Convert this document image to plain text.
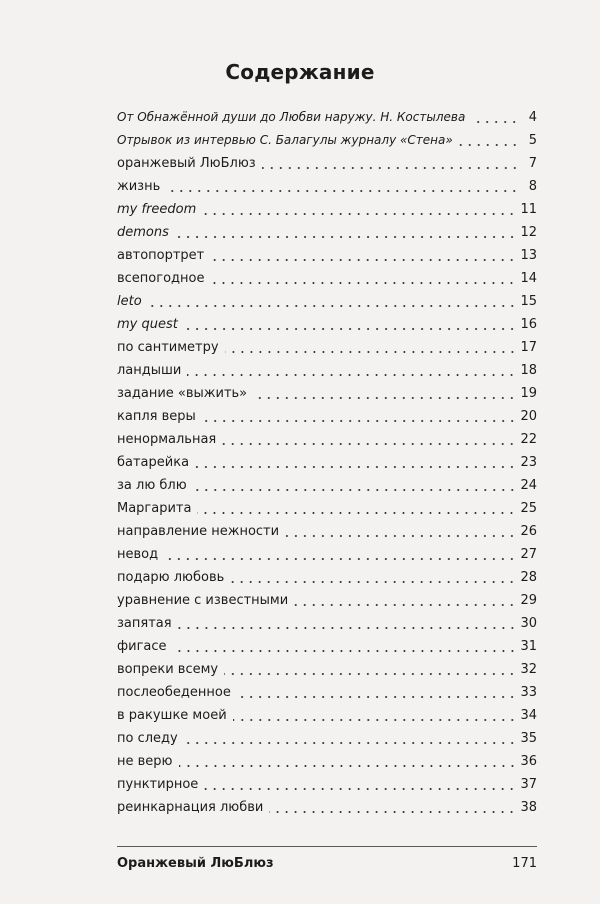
Содержание
От Обнажённой души до Любви наружу. Н. Костылева	4
Отрывок из интервью С. Балагулы журналу «Стена»	5
оранжевый ЛюБлюз	7
жизнь	8
my freedom	11
demons	12
автопортрет	13
всепогодное	14
leto	15
my quest	16
по сантиметру	17
ландыши	18
задание «выжить»	19
капля веры	20
ненормальная	22
батарейка	23
за лю блю	24
Маргарита	25
направление нежности	26
невод	27
подарю любовь	28
уравнение с известными	29
запятая	30
фигасе	31
вопреки всему	32
послеобеденное	33
в ракушке моей	34
по следу	35
не верю	36
пунктирное	37
реинкарнация любви	38
Оранжевый ЛюБлюз	171
